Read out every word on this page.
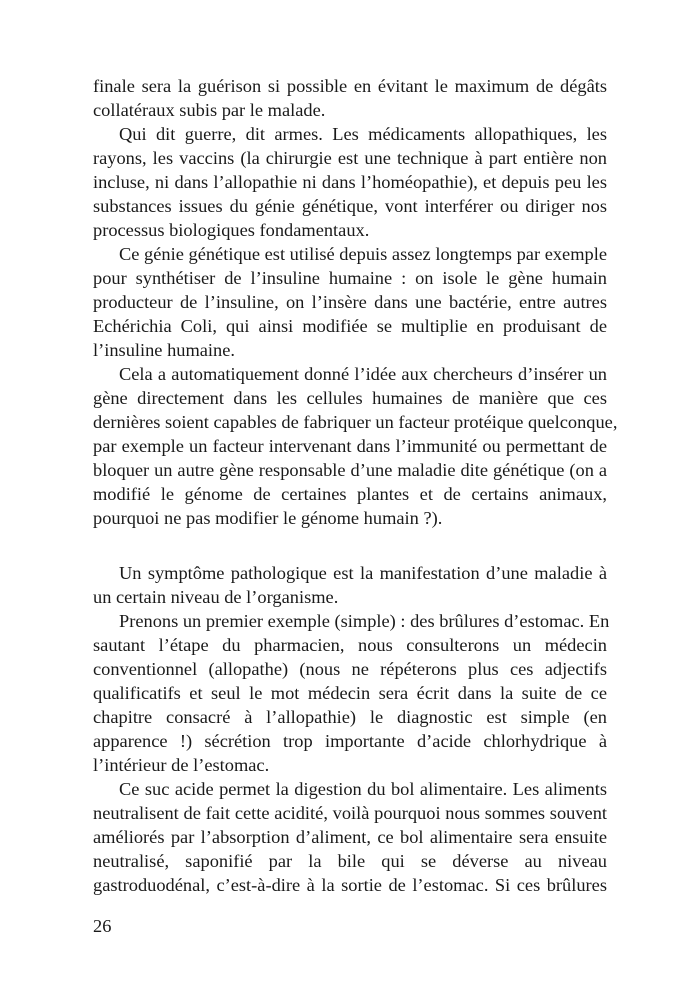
finale sera la guérison si possible en évitant le maximum de dégâts
collatéraux subis par le malade.
Qui dit guerre, dit armes. Les médicaments allopathiques, les
rayons, les vaccins (la chirurgie est une technique à part entière non
incluse, ni dans l’allopathie ni dans l’homéopathie), et depuis peu les
substances issues du génie génétique, vont interférer ou diriger nos
processus biologiques fondamentaux.
Ce génie génétique est utilisé depuis assez longtemps par exemple
pour synthétiser de l’insuline humaine : on isole le gène humain
producteur de l’insuline, on l’insère dans une bactérie, entre autres
Echérichia Coli, qui ainsi modifiée se multiplie en produisant de
l’insuline humaine.
Cela a automatiquement donné l’idée aux chercheurs d’insérer un
gène directement dans les cellules humaines de manière que ces
dernières soient capables de fabriquer un facteur protéique quelconque,
par exemple un facteur intervenant dans l’immunité ou permettant de
bloquer un autre gène responsable d’une maladie dite génétique (on a
modifié le génome de certaines plantes et de certains animaux,
pourquoi ne pas modifier le génome humain ?).
Un symptôme pathologique est la manifestation d’une maladie à
un certain niveau de l’organisme.
Prenons un premier exemple (simple) : des brûlures d’estomac. En
sautant l’étape du pharmacien, nous consulterons un médecin
conventionnel (allopathe) (nous ne répéterons plus ces adjectifs
qualificatifs et seul le mot médecin sera écrit dans la suite de ce
chapitre consacré à l’allopathie) le diagnostic est simple (en
apparence !) sécrétion trop importante d’acide chlorhydrique à
l’intérieur de l’estomac.
Ce suc acide permet la digestion du bol alimentaire. Les aliments
neutralisent de fait cette acidité, voilà pourquoi nous sommes souvent
améliorés par l’absorption d’aliment, ce bol alimentaire sera ensuite
neutralisé, saponifié par la bile qui se déverse au niveau
gastroduodénal, c’est-à-dire à la sortie de l’estomac. Si ces brûlures
26
